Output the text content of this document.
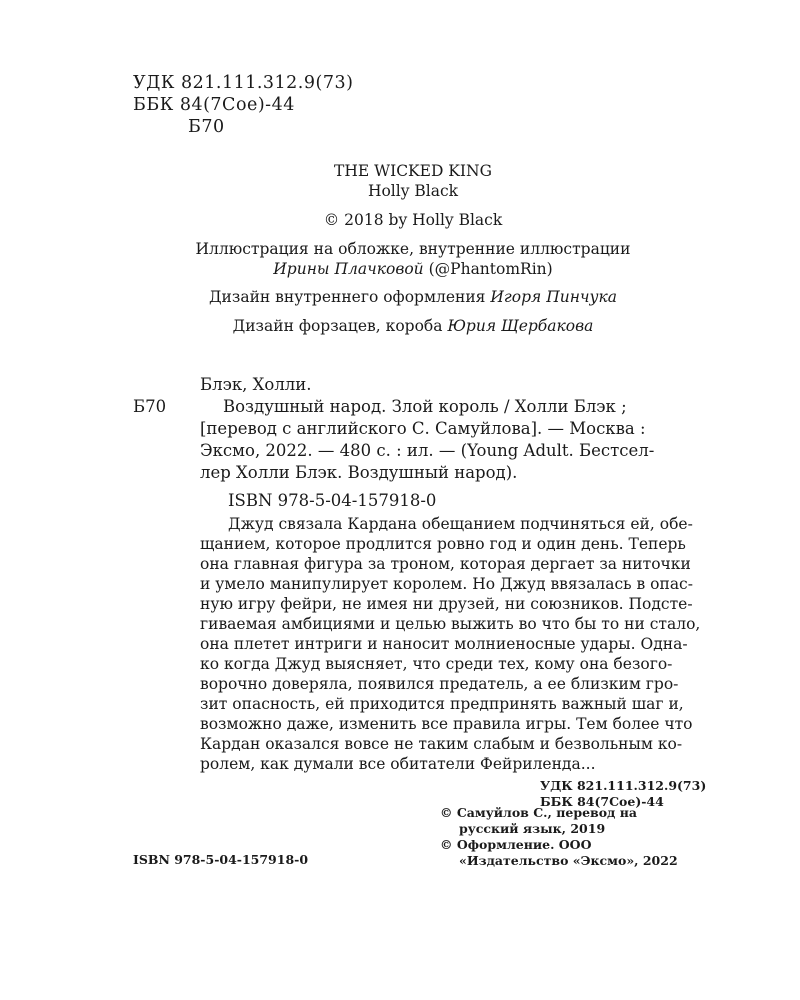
УДК 821.111.312.9(73)
ББК 84(7Сое)-44
Б70
THE WICKED KING
Holly Black
© 2018 by Holly Black
Иллюстрация на обложке, внутренние иллюстрации
Ирины Плачковой (@PhantomRin)
Дизайн внутреннего оформления Игоря Пинчука
Дизайн форзацев, короба Юрия Щербакова
Блэк, Холли.
Б70	Воздушный народ. Злой король / Холли Блэк ;
[перевод с английского С. Самуйлова]. — Москва :
Эксмо, 2022. — 480 с. : ил. — (Young Adult. Бестсел-
лер Холли Блэк. Воздушный народ).
ISBN 978-5-04-157918-0
Джуд связала Кардана обещанием подчиняться ей, обе-
щанием, которое продлится ровно год и один день. Теперь
она главная фигура за троном, которая дергает за ниточки
и умело манипулирует королем. Но Джуд ввязалась в опас-
ную игру фейри, не имея ни друзей, ни союзников. Подсте-
гиваемая амбициями и целью выжить во что бы то ни стало,
она плетет интриги и наносит молниеносные удары. Одна-
ко когда Джуд выясняет, что среди тех, кому она безого-
ворочно доверяла, появился предатель, а ее близким гро-
зит опасность, ей приходится предпринять важный шаг и,
возможно даже, изменить все правила игры. Тем более что
Кардан оказался вовсе не таким слабым и безвольным ко-
ролем, как думали все обитатели Фейриленда...
УДК 821.111.312.9(73)
ББК 84(7Сое)-44
ISBN 978-5-04-157918-0
© Самуйлов С., перевод на
русский язык, 2019
© Оформление. ООО
«Издательство «Эксмо», 2022
